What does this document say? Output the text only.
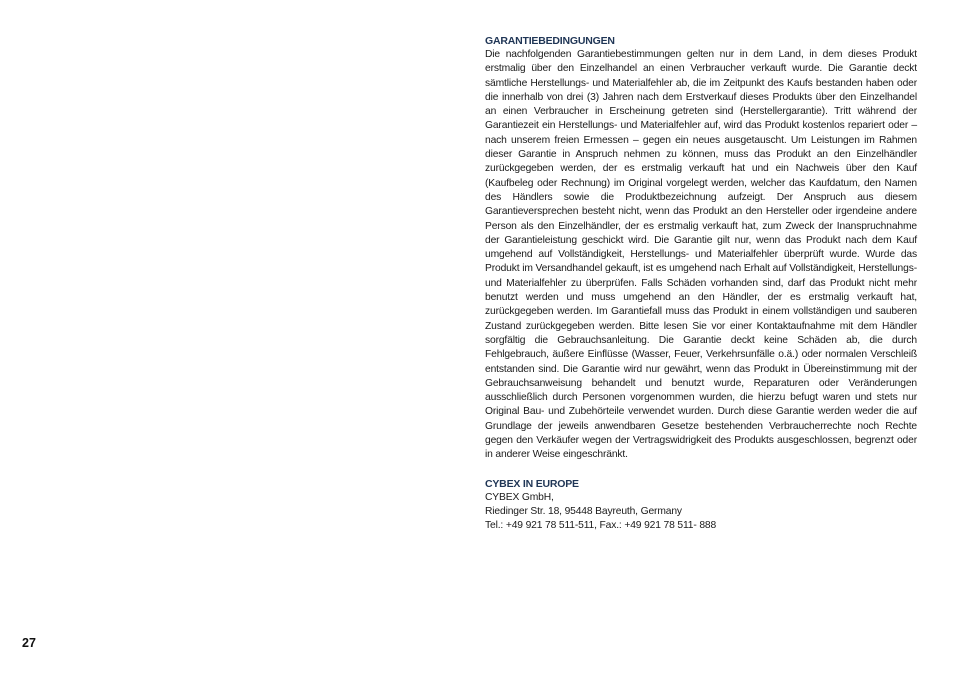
GARANTIEBEDINGUNGEN

Die nachfolgenden Garantiebestimmungen gelten nur in dem Land, in dem dieses Produkt erstmalig über den Einzelhandel an einen Verbraucher verkauft wurde. Die Garantie deckt sämtliche Herstellungs- und Materialfehler ab, die im Zeitpunkt des Kaufs bestanden haben oder die innerhalb von drei (3) Jahren nach dem Erstverkauf dieses Produkts über den Einzelhandel an einen Verbraucher in Erscheinung getreten sind (Herstellergarantie). Tritt während der Garantiezeit ein Herstellungs- und Materialfehler auf, wird das Produkt kostenlos repariert oder – nach unserem freien Ermessen – gegen ein neues ausgetauscht. Um Leistungen im Rahmen dieser Garantie in Anspruch nehmen zu können, muss das Produkt an den Einzelhändler zurückgegeben werden, der es erstmalig verkauft hat und ein Nachweis über den Kauf (Kaufbeleg oder Rechnung) im Original vorgelegt werden, welcher das Kaufdatum, den Namen des Händlers sowie die Produktbezeichnung aufzeigt. Der Anspruch aus diesem Garantieversprechen besteht nicht, wenn das Produkt an den Hersteller oder irgendeine andere Person als den Einzelhändler, der es erstmalig verkauft hat, zum Zweck der Inanspruchnahme der Garantieleistung geschickt wird. Die Garantie gilt nur, wenn das Produkt nach dem Kauf umgehend auf Vollständigkeit, Herstellungs- und Materialfehler überprüft wurde. Wurde das Produkt im Versandhandel gekauft, ist es umgehend nach Erhalt auf Vollständigkeit, Herstellungs- und Materialfehler zu überprüfen. Falls Schäden vorhanden sind, darf das Produkt nicht mehr benutzt werden und muss umgehend an den Händler, der es erstmalig verkauft hat, zurückgegeben werden. Im Garantiefall muss das Produkt in einem vollständigen und sauberen Zustand zurückgegeben werden. Bitte lesen Sie vor einer Kontaktaufnahme mit dem Händler sorgfältig die Gebrauchsanleitung. Die Garantie deckt keine Schäden ab, die durch Fehlgebrauch, äußere Einflüsse (Wasser, Feuer, Verkehrsunfälle o.ä.) oder normalen Verschleiß entstanden sind. Die Garantie wird nur gewährt, wenn das Produkt in Übereinstimmung mit der Gebrauchsanweisung behandelt und benutzt wurde, Reparaturen oder Veränderungen ausschließlich durch Personen vorgenommen wurden, die hierzu befugt waren und stets nur Original Bau- und Zubehörteile verwendet wurden. Durch diese Garantie werden weder die auf Grundlage der jeweils anwendbaren Gesetze bestehenden Verbraucherrechte noch Rechte gegen den Verkäufer wegen der Vertragswidrigkeit des Produkts ausgeschlossen, begrenzt oder in anderer Weise eingeschränkt.

CYBEX IN EUROPE
CYBEX GmbH,
Riedinger Str. 18, 95448 Bayreuth, Germany
Tel.: +49 921 78 511-511, Fax.: +49 921 78 511- 888
27
